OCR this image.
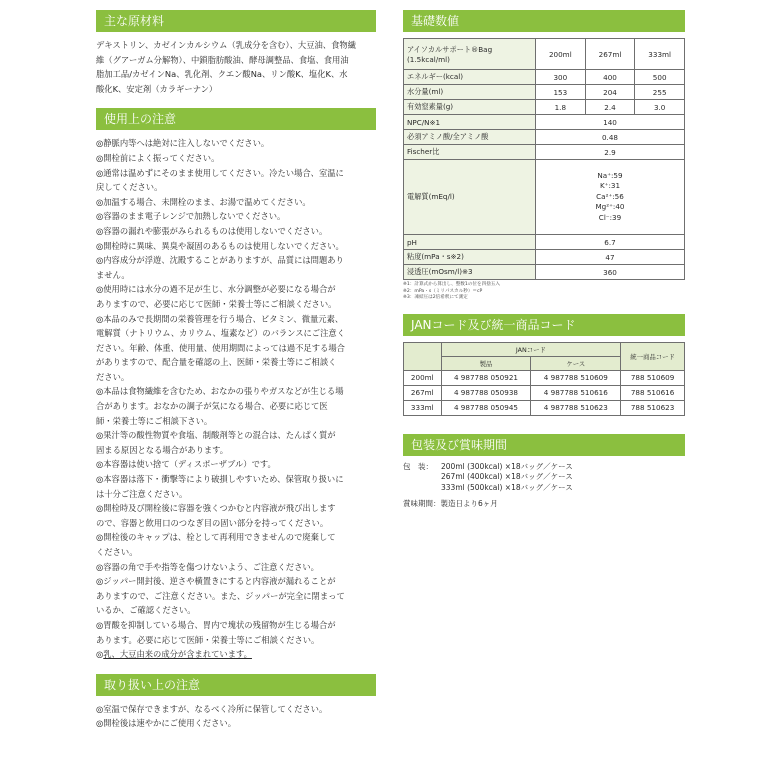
主な原材料
デキストリン、カゼインカルシウム（乳成分を含む）、大豆油、食物繊
維（グアーガム分解物）、中鎖脂肪酸油、酵母調整品、食塩、食用油
脂加工品/カゼインNa、乳化剤、クエン酸Na、リン酸K、塩化K、水
酸化K、安定剤（カラギーナン）
使用上の注意
◎静脈内等へは絶対に注入しないでください。
◎開栓前によく振ってください。
◎通常は温めずにそのまま使用してください。冷たい場合、室温に
戻してください。
◎加温する場合、未開栓のまま、お湯で温めてください。
◎容器のまま電子レンジで加熱しないでください。
◎容器の漏れや膨張がみられるものは使用しないでください。
◎開栓時に異味、異臭や凝固のあるものは使用しないでください。
◎内容成分が浮遊、沈殿することがありますが、品質には問題あり
ません。
◎使用時には水分の過不足が生じ、水分調整が必要になる場合が
ありますので、必要に応じて医師・栄養士等にご相談ください。
◎本品のみで長期間の栄養管理を行う場合、ビタミン、微量元素、
電解質（ナトリウム、カリウム、塩素など）のバランスにご注意く
ださい。年齢、体重、使用量、使用期間によっては過不足する場合
がありますので、配合量を確認の上、医師・栄養士等にご相談く
ださい。
◎本品は食物繊維を含むため、おなかの張りやガスなどが生じる場
合があります。おなかの調子が気になる場合、必要に応じて医
師・栄養士等にご相談下さい。
◎果汁等の酸性物質や食塩、制酸剤等との混合は、たんぱく質が
固まる原因となる場合があります。
◎本容器は使い捨て（ディスポーザブル）です。
◎本容器は落下・衝撃等により破損しやすいため、保管取り扱いに
は十分ご注意ください。
◎開栓時及び開栓後に容器を強くつかむと内容液が飛び出します
ので、容器と飲用口のつなぎ目の固い部分を持ってください。
◎開栓後のキャップは、栓として再利用できませんので廃棄して
ください。
◎容器の角で手や指等を傷つけないよう、ご注意ください。
◎ジッパー開封後、逆さや横置きにすると内容液が漏れることが
ありますので、ご注意ください。また、ジッパーが完全に閉まって
いるか、ご確認ください。
◎胃酸を抑制している場合、胃内で塊状の残留物が生じる場合が
あります。必要に応じて医師・栄養士等にご相談ください。
◎乳、大豆由来の成分が含まれています。
取り扱い上の注意
◎室温で保存できますが、なるべく冷所に保管してください。
◎開栓後は速やかにご使用ください。
基礎数値
アイソカルサポート®Bag
(1.5kcal/ml)	200ml	267ml	333ml
エネルギー(kcal)	300	400	500
水分量(ml)	153	204	255
有効窒素量(g)	1.8	2.4	3.0
NPC/N※1	140		
必須アミノ酸/全アミノ酸	0.48		
Fischer比	2.9		
電解質(mEq/l)	Na⁺:59
K⁺:31
Ca²⁺:56
Mg²⁺:40
Cl⁻:39		

pH	6.7		
粘度(mPa・s※2)	47		
浸透圧(mOsm/l)※3	360		
※1：計算式から算出し、整数1の位を四捨五入
※2：mPa・s（ミリパスカル秒）＝cP
※3：凍結圧は2倍希釈にて測定
JANコード及び統一商品コード
	JANコード		統一商品コード
	製品	ケース	
200ml	4 987788 050921	4 987788 510609	788 510609
267ml	4 987788 050938	4 987788 510616	788 510616
333ml	4 987788 050945	4 987788 510623	788 510623
包装及び賞味期間
包　装：	200ml (300kcal) ×18バッグ／ケース
267ml (400kcal) ×18バッグ／ケース
333ml (500kcal) ×18バッグ／ケース
賞味期間：製造日より6ヶ月
